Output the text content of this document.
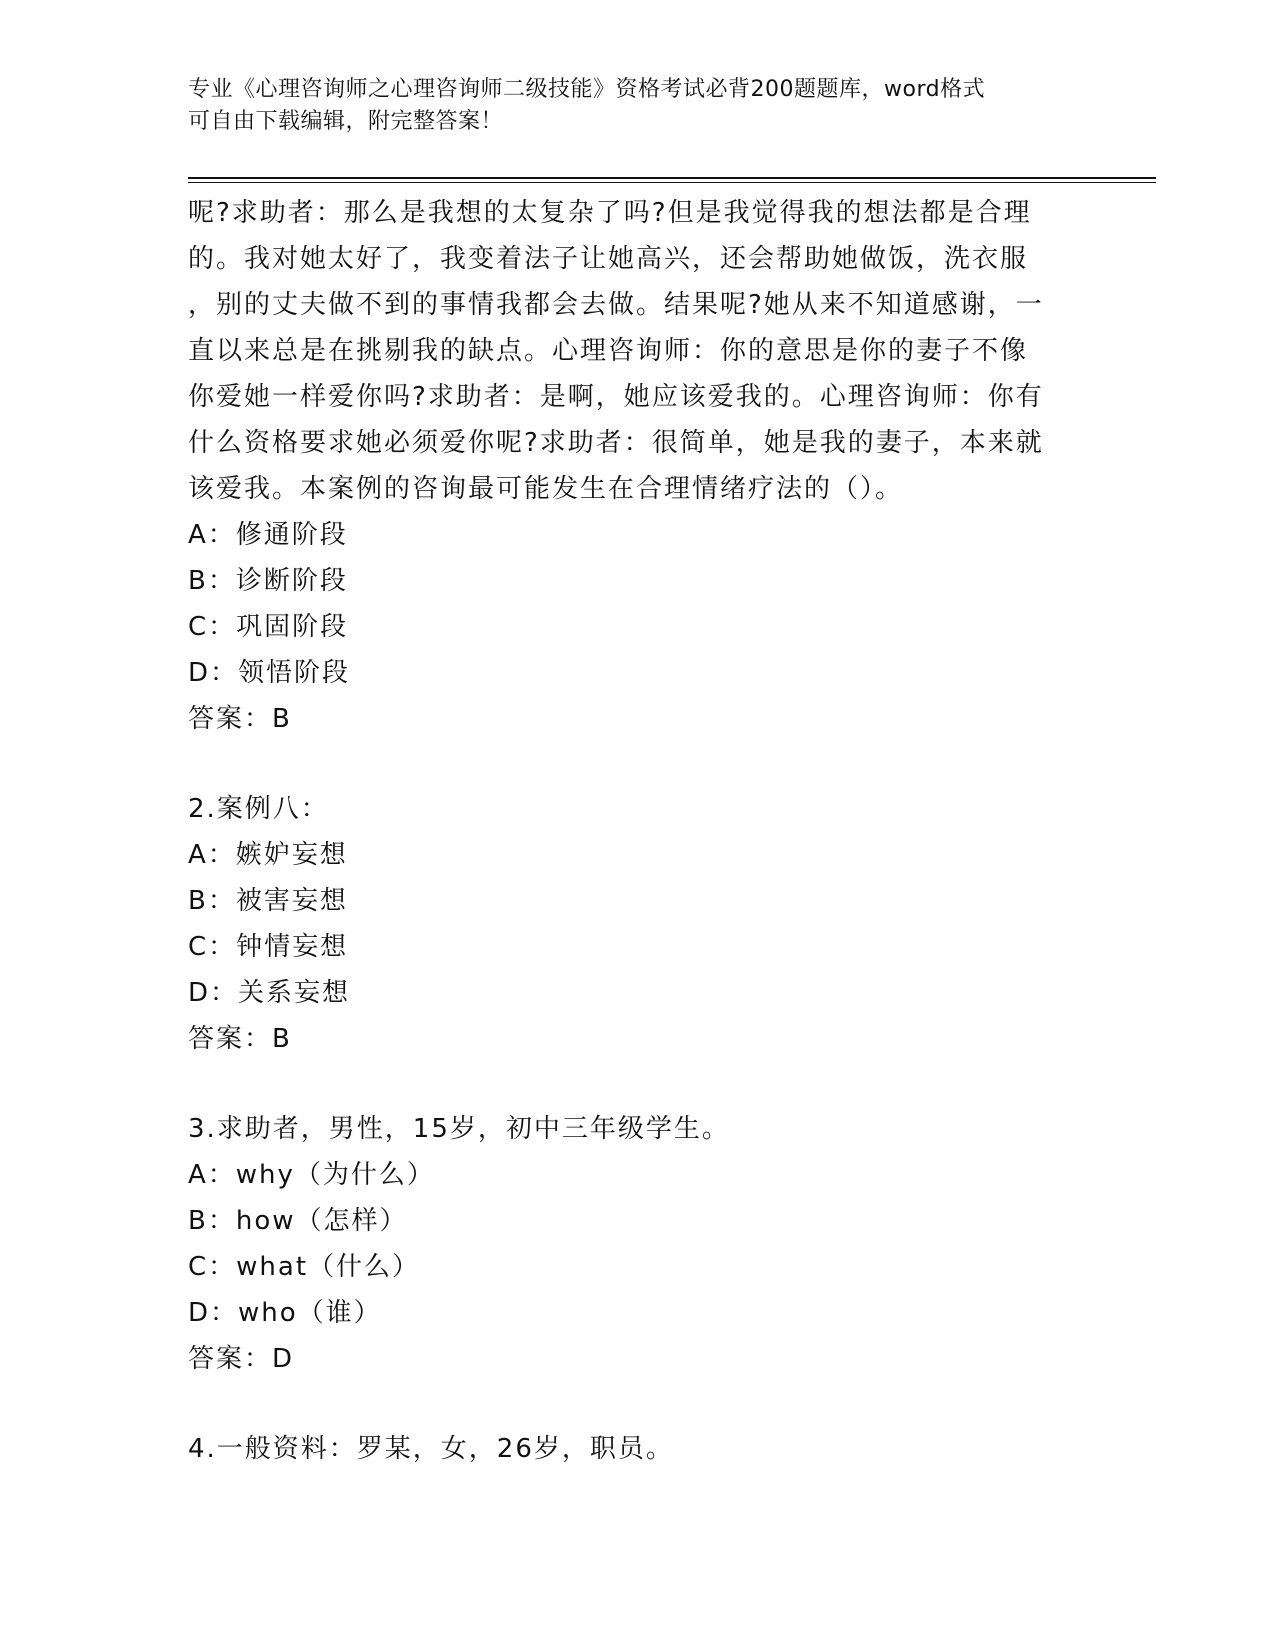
专业《心理咨询师之心理咨询师二级技能》资格考试必背200题题库，word格式
可自由下载编辑，附完整答案！

呢?求助者：那么是我想的太复杂了吗?但是我觉得我的想法都是合理

的。我对她太好了，我变着法子让她高兴，还会帮助她做饭，洗衣服

，别的丈夫做不到的事情我都会去做。结果呢?她从来不知道感谢，一

直以来总是在挑剔我的缺点。心理咨询师：你的意思是你的妻子不像

你爱她一样爱你吗?求助者：是啊，她应该爱我的。心理咨询师：你有

什么资格要求她必须爱你呢?求助者：很简单，她是我的妻子，本来就

该爱我。本案例的咨询最可能发生在合理情绪疗法的（）。

A：修通阶段

B：诊断阶段

C：巩固阶段

D：领悟阶段

答案：B

2.案例八：

A：嫉妒妄想

B：被害妄想

C：钟情妄想

D：关系妄想

答案：B

3.求助者，男性，15岁，初中三年级学生。

A：why（为什么）

B：how（怎样）

C：what（什么）

D：who（谁）

答案：D

4.一般资料：罗某，女，26岁，职员。
